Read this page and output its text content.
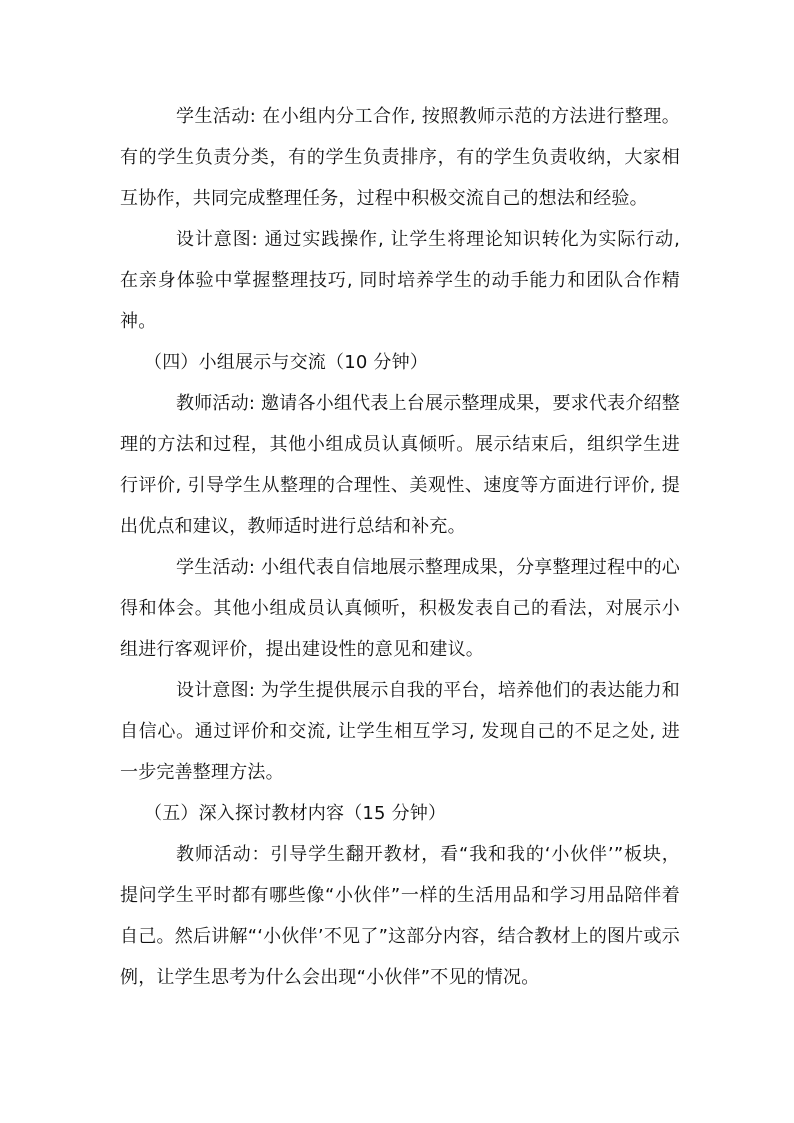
学生活动: 在小组内分工合作, 按照教师示范的方法进行整理。有的学生负责分类，有的学生负责排序，有的学生负责收纳，大家相互协作，共同完成整理任务，过程中积极交流自己的想法和经验。

设计意图: 通过实践操作, 让学生将理论知识转化为实际行动, 在亲身体验中掌握整理技巧, 同时培养学生的动手能力和团队合作精神。

（四）小组展示与交流（10 分钟）

教师活动: 邀请各小组代表上台展示整理成果，要求代表介绍整理的方法和过程，其他小组成员认真倾听。展示结束后，组织学生进行评价, 引导学生从整理的合理性、美观性、速度等方面进行评价, 提出优点和建议，教师适时进行总结和补充。

学生活动: 小组代表自信地展示整理成果，分享整理过程中的心得和体会。其他小组成员认真倾听，积极发表自己的看法，对展示小组进行客观评价，提出建设性的意见和建议。

设计意图: 为学生提供展示自我的平台，培养他们的表达能力和自信心。通过评价和交流, 让学生相互学习, 发现自己的不足之处, 进一步完善整理方法。

（五）深入探讨教材内容（15 分钟）

教师活动：引导学生翻开教材，看“我和我的‘小伙伴’”板块，提问学生平时都有哪些像“小伙伴”一样的生活用品和学习用品陪伴着自己。然后讲解“‘小伙伴’不见了”这部分内容，结合教材上的图片或示例，让学生思考为什么会出现“小伙伴”不见的情况。
